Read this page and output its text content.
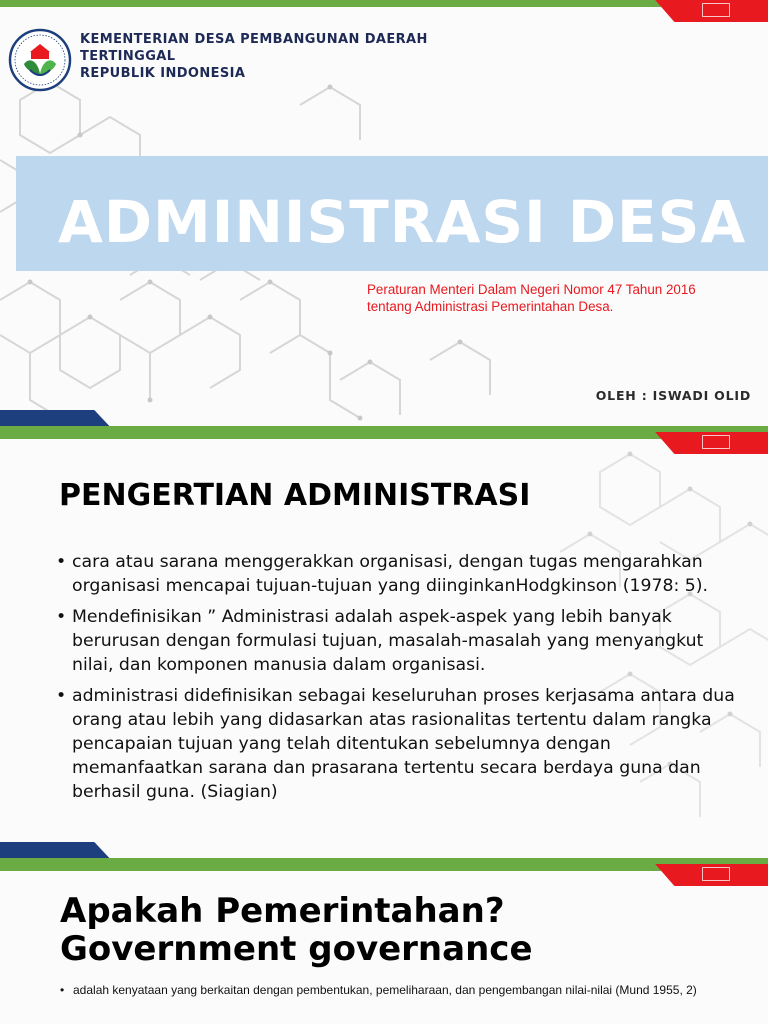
KEMENTERIAN DESA PEMBANGUNAN DAERAH
TERTINGGAL
REPUBLIK INDONESIA
ADMINISTRASI DESA
Peraturan Menteri Dalam Negeri Nomor 47 Tahun 2016
tentang Administrasi Pemerintahan Desa.
OLEH : ISWADI OLID
PENGERTIAN ADMINISTRASI
• cara atau sarana menggerakkan organisasi, dengan tugas mengarahkan organisasi mencapai tujuan-tujuan yang diinginkanHodgkinson (1978: 5).
• Mendefinisikan ” Administrasi adalah aspek-aspek yang lebih banyak berurusan dengan formulasi tujuan, masalah-masalah yang menyangkut nilai, dan komponen manusia dalam organisasi.
• administrasi didefinisikan sebagai keseluruhan proses kerjasama antara dua orang atau lebih yang didasarkan atas rasionalitas tertentu dalam rangka pencapaian tujuan yang telah ditentukan sebelumnya dengan memanfaatkan sarana dan prasarana tertentu secara berdaya guna dan berhasil guna. (Siagian)
Apakah Pemerintahan?
Government governance
• adalah kenyataan yang berkaitan dengan pembentukan, pemeliharaan, dan pengembangan nilai-nilai (Mund 1955, 2)
